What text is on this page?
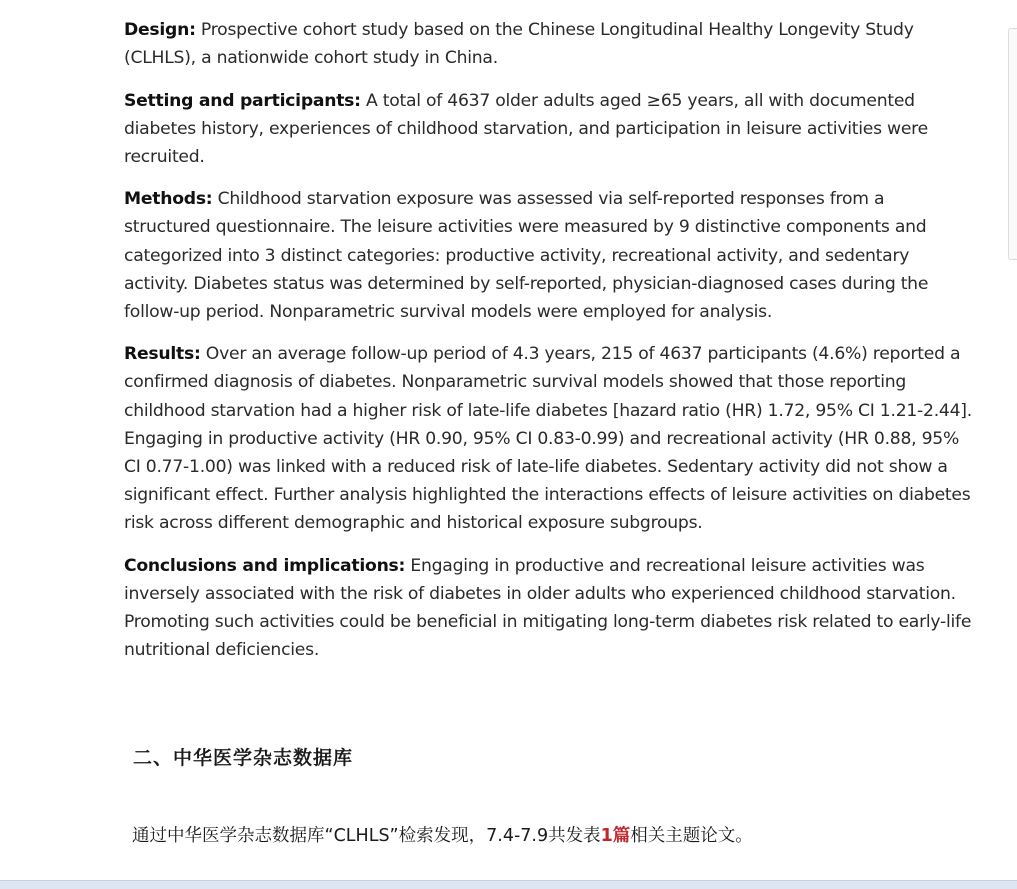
Design: Prospective cohort study based on the Chinese Longitudinal Healthy Longevity Study (CLHLS), a nationwide cohort study in China.

Setting and participants: A total of 4637 older adults aged ≥65 years, all with documented diabetes history, experiences of childhood starvation, and participation in leisure activities were recruited.

Methods: Childhood starvation exposure was assessed via self-reported responses from a structured questionnaire. The leisure activities were measured by 9 distinctive components and categorized into 3 distinct categories: productive activity, recreational activity, and sedentary activity. Diabetes status was determined by self-reported, physician-diagnosed cases during the follow-up period. Nonparametric survival models were employed for analysis.

Results: Over an average follow-up period of 4.3 years, 215 of 4637 participants (4.6%) reported a confirmed diagnosis of diabetes. Nonparametric survival models showed that those reporting childhood starvation had a higher risk of late-life diabetes [hazard ratio (HR) 1.72, 95% CI 1.21-2.44]. Engaging in productive activity (HR 0.90, 95% CI 0.83-0.99) and recreational activity (HR 0.88, 95% CI 0.77-1.00) was linked with a reduced risk of late-life diabetes. Sedentary activity did not show a significant effect. Further analysis highlighted the interactions effects of leisure activities on diabetes risk across different demographic and historical exposure subgroups.

Conclusions and implications: Engaging in productive and recreational leisure activities was inversely associated with the risk of diabetes in older adults who experienced childhood starvation. Promoting such activities could be beneficial in mitigating long-term diabetes risk related to early-life nutritional deficiencies.

二、中华医学杂志数据库
通过中华医学杂志数据库“CLHLS”检索发现，7.4-7.9共发表1篇相关主题论文。
